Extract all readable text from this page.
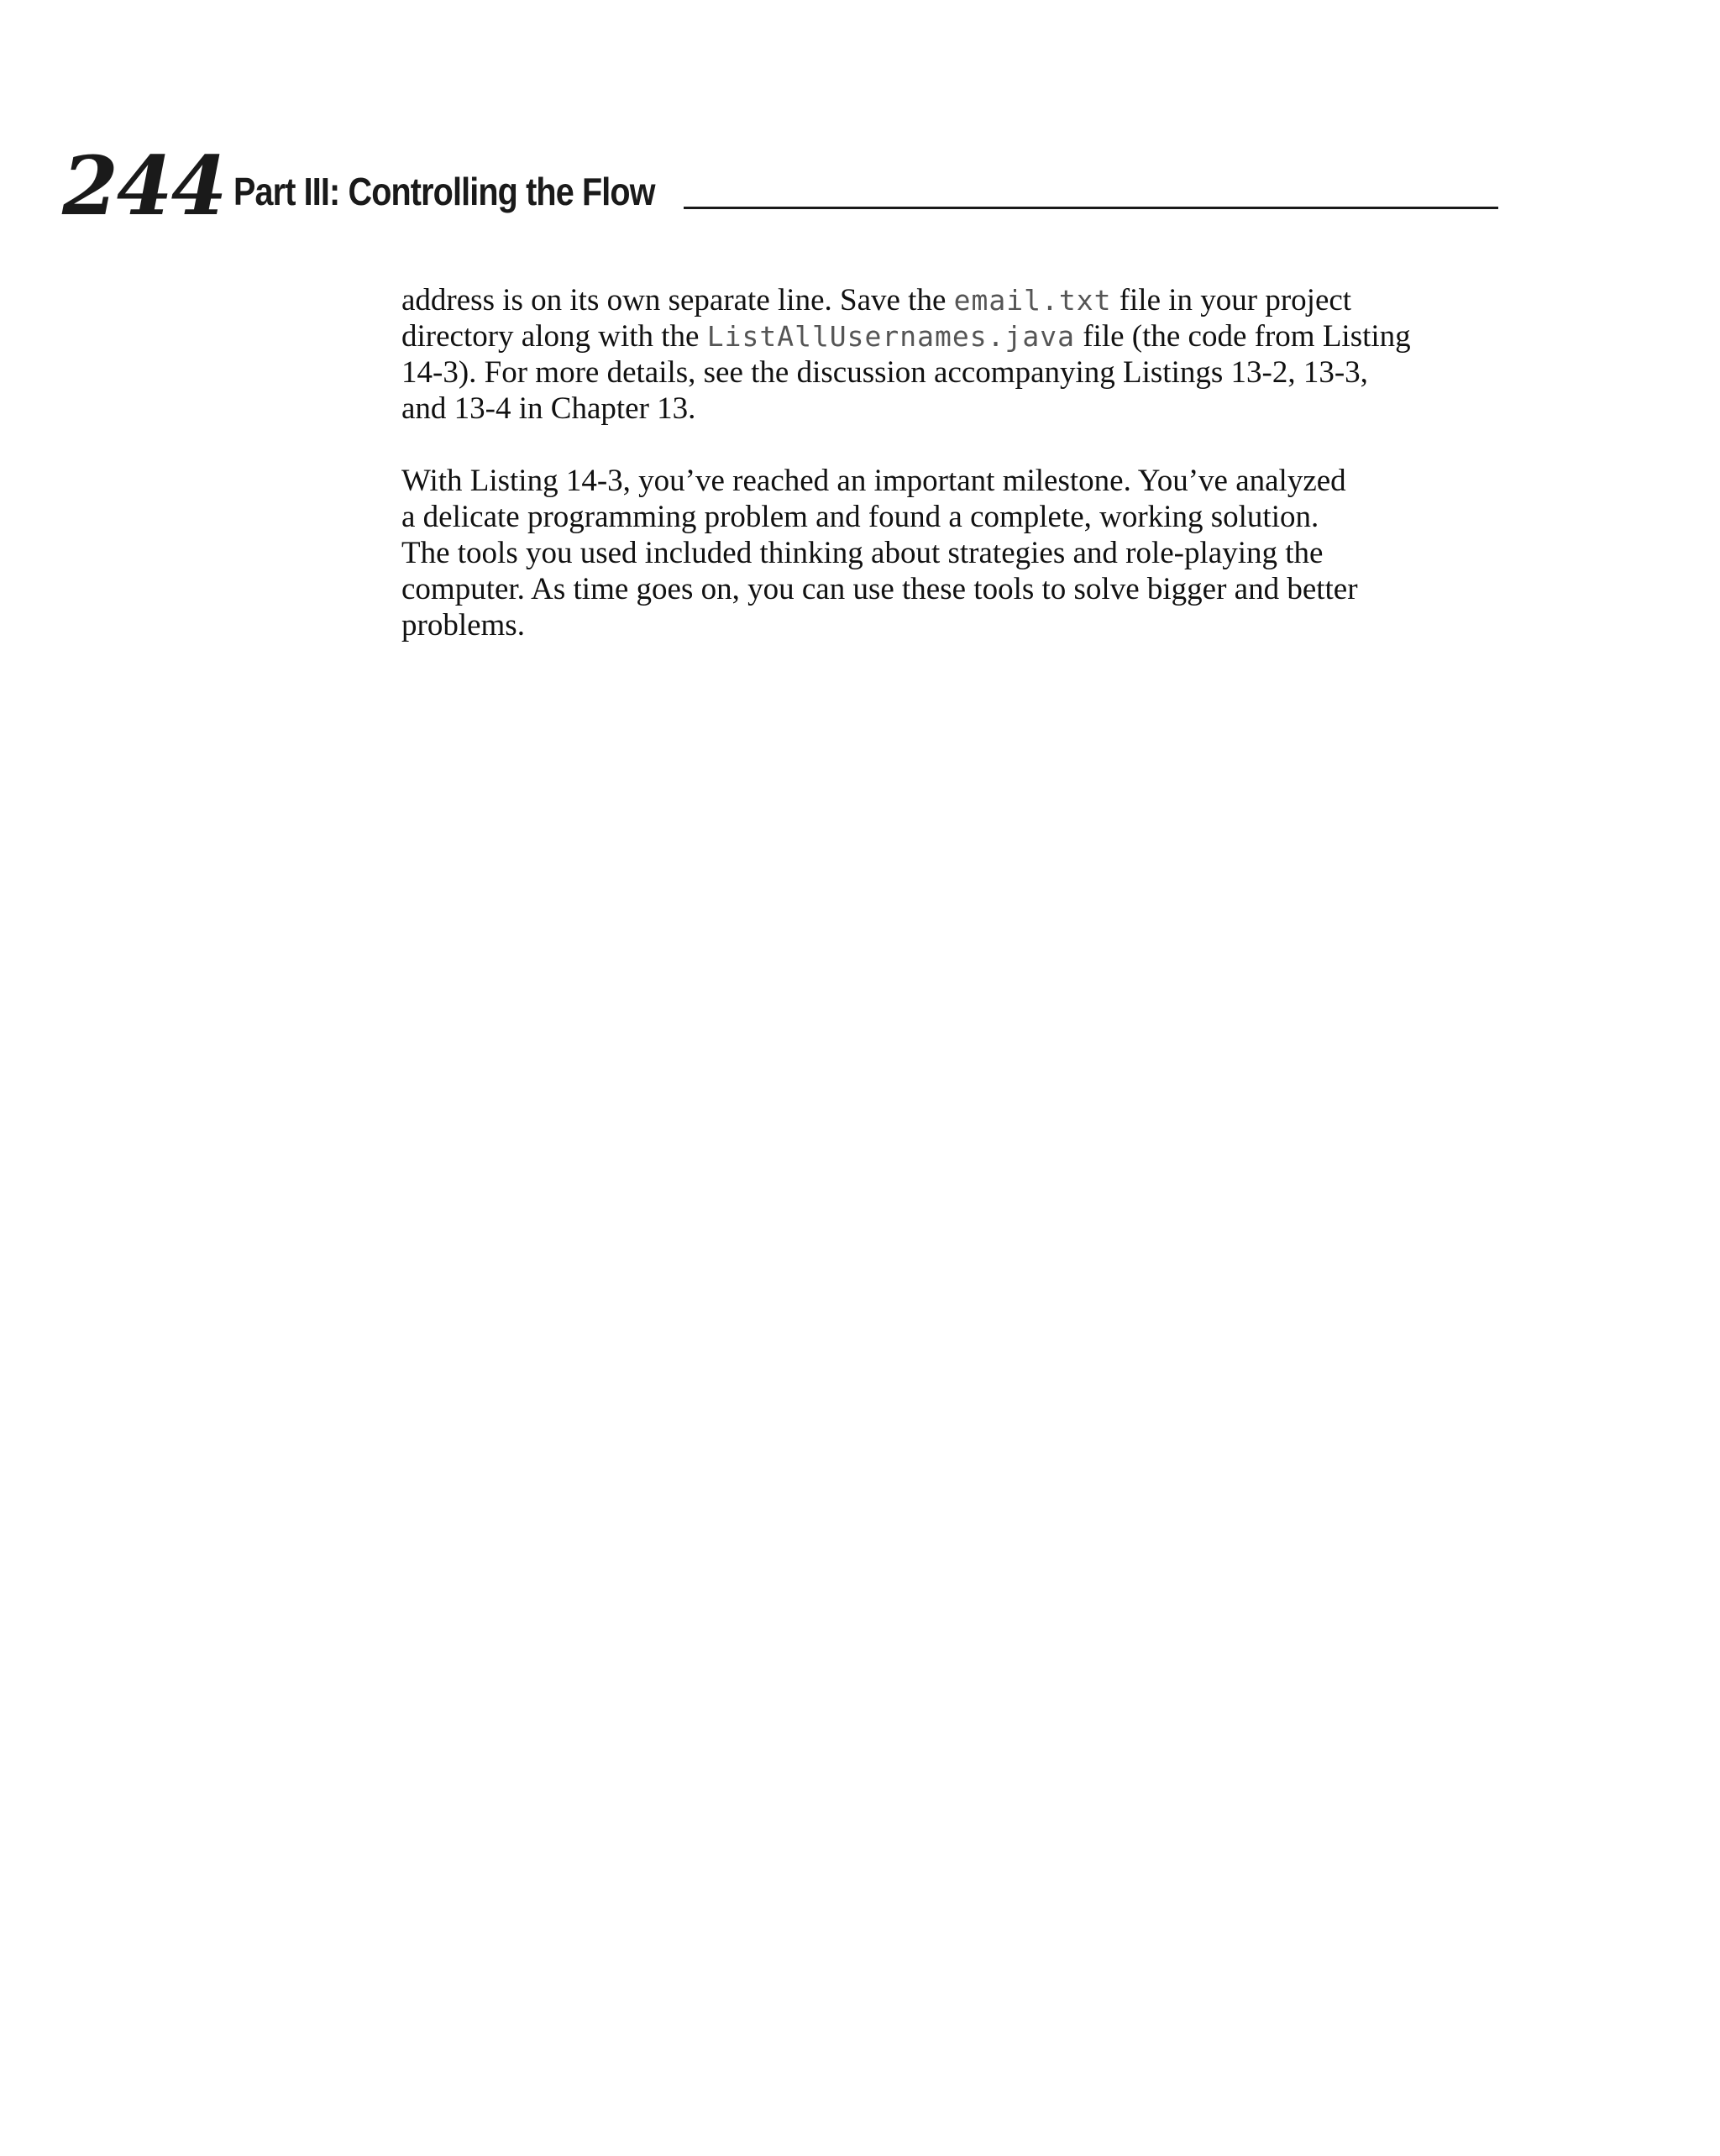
244 Part III: Controlling the Flow

address is on its own separate line. Save the email.txt file in your project
directory along with the ListAllUsernames.java file (the code from Listing
14-3). For more details, see the discussion accompanying Listings 13-2, 13-3,
and 13-4 in Chapter 13.

With Listing 14-3, you’ve reached an important milestone. You’ve analyzed
a delicate programming problem and found a complete, working solution.
The tools you used included thinking about strategies and role-playing the
computer. As time goes on, you can use these tools to solve bigger and better
problems.
